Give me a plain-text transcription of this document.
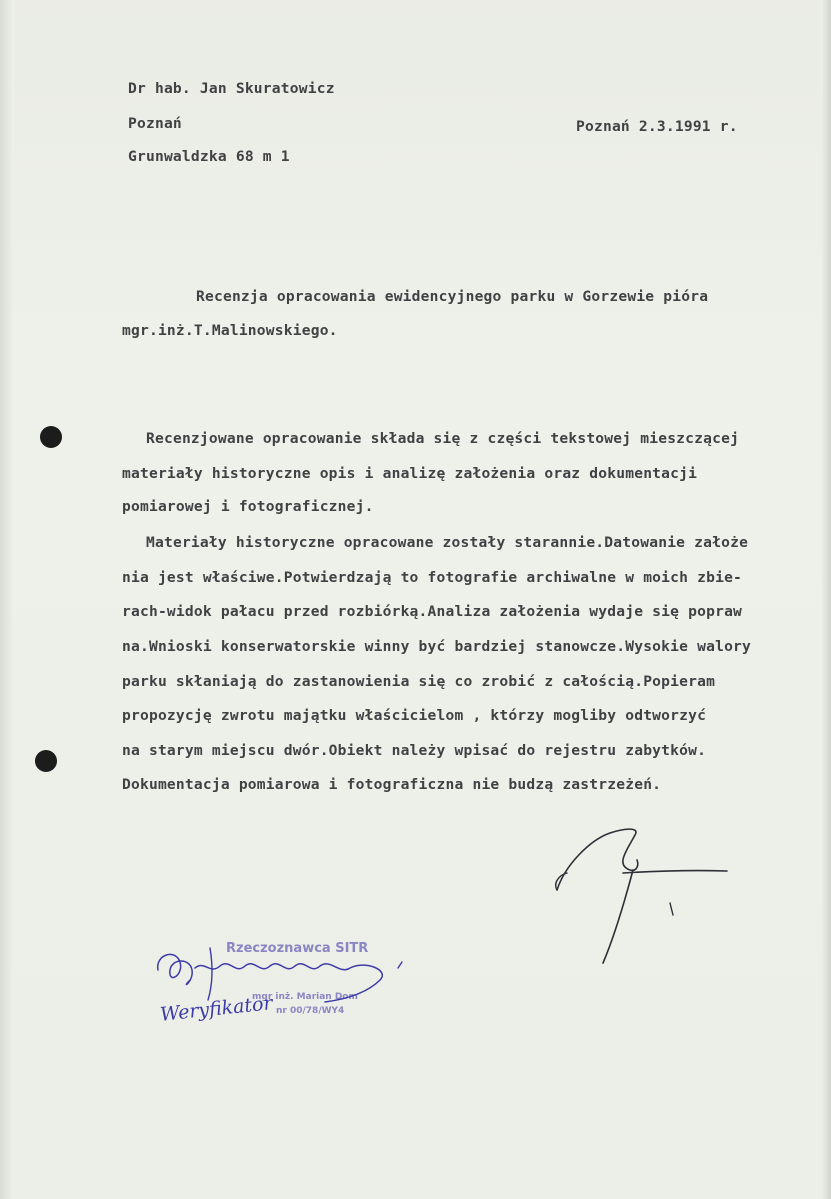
Dr hab. Jan Skuratowicz
Poznań
Grunwaldzka 68 m 1
Poznań 2.3.1991 r.
Recenzja opracowania ewidencyjnego parku w Gorzewie pióra
mgr.inż.T.Malinowskiego.
Recenzjowane opracowanie składa się z części tekstowej mieszczącej
materiały historyczne opis i analizę założenia oraz dokumentacji
pomiarowej i fotograficznej.
Materiały historyczne opracowane zostały starannie.Datowanie założe
nia jest właściwe.Potwierdzają to fotografie archiwalne w moich zbie-
rach-widok pałacu przed rozbiórką.Analiza założenia wydaje się popraw
na.Wnioski konserwatorskie winny być bardziej stanowcze.Wysokie walory
parku skłaniają do zastanowienia się co zrobić z całością.Popieram
propozycję zwrotu majątku właścicielom , którzy mogliby odtworzyć
na starym miejscu dwór.Obiekt należy wpisać do rejestru zabytków.
Dokumentacja pomiarowa i fotograficzna nie budzą zastrzeżeń.
Rzeczoznawca SITR
mgr inż. Marian Dom
nr 00/78/WY4
Weryfikator
